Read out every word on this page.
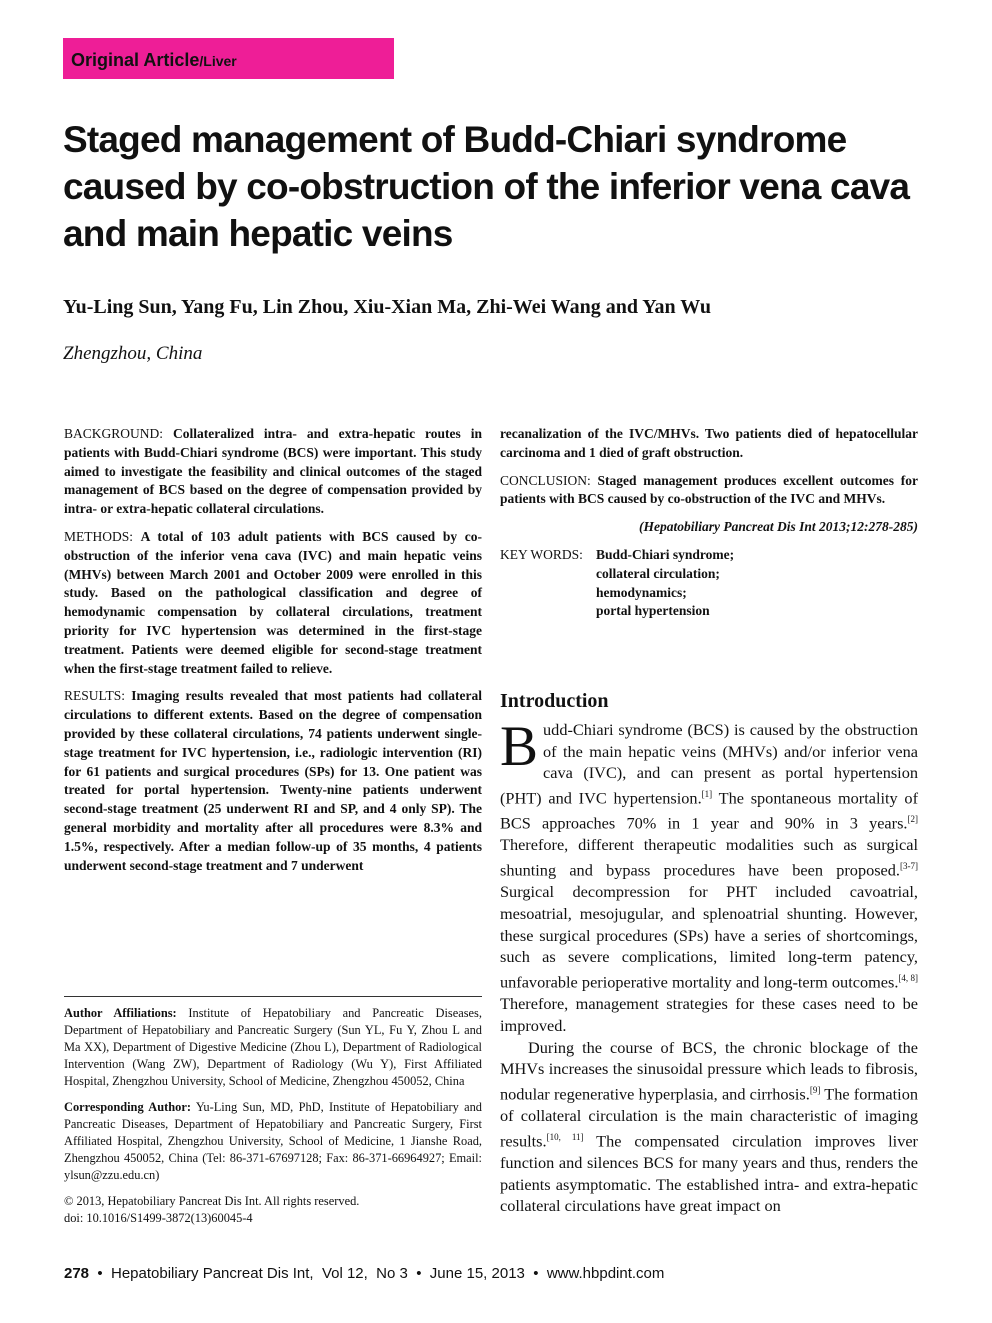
Original Article/Liver
Staged management of Budd-Chiari syndrome caused by co-obstruction of the inferior vena cava and main hepatic veins
Yu-Ling Sun, Yang Fu, Lin Zhou, Xiu-Xian Ma, Zhi-Wei Wang and Yan Wu
Zhengzhou, China

BACKGROUND: Collateralized intra- and extra-hepatic routes in patients with Budd-Chiari syndrome (BCS) were important. This study aimed to investigate the feasibility and clinical outcomes of the staged management of BCS based on the degree of compensation provided by intra- or extra-hepatic collateral circulations.

METHODS: A total of 103 adult patients with BCS caused by co-obstruction of the inferior vena cava (IVC) and main hepatic veins (MHVs) between March 2001 and October 2009 were enrolled in this study. Based on the pathological classification and degree of hemodynamic compensation by collateral circulations, treatment priority for IVC hypertension was determined in the first-stage treatment. Patients were deemed eligible for second-stage treatment when the first-stage treatment failed to relieve.

RESULTS: Imaging results revealed that most patients had collateral circulations to different extents. Based on the degree of compensation provided by these collateral circulations, 74 patients underwent single-stage treatment for IVC hypertension, i.e., radiologic intervention (RI) for 61 patients and surgical procedures (SPs) for 13. One patient was treated for portal hypertension. Twenty-nine patients underwent second-stage treatment (25 underwent RI and SP, and 4 only SP). The general morbidity and mortality after all procedures were 8.3% and 1.5%, respectively. After a median follow-up of 35 months, 4 patients underwent second-stage treatment and 7 underwent

recanalization of the IVC/MHVs. Two patients died of hepatocellular carcinoma and 1 died of graft obstruction.

CONCLUSION: Staged management produces excellent outcomes for patients with BCS caused by co-obstruction of the IVC and MHVs.

(Hepatobiliary Pancreat Dis Int 2013;12:278-285)

KEY WORDS: Budd-Chiari syndrome;
collateral circulation;
hemodynamics;
portal hypertension

Author Affiliations: Institute of Hepatobiliary and Pancreatic Diseases, Department of Hepatobiliary and Pancreatic Surgery (Sun YL, Fu Y, Zhou L and Ma XX), Department of Digestive Medicine (Zhou L), Department of Radiological Intervention (Wang ZW), Department of Radiology (Wu Y), First Affiliated Hospital, Zhengzhou University, School of Medicine, Zhengzhou 450052, China

Corresponding Author: Yu-Ling Sun, MD, PhD, Institute of Hepatobiliary and Pancreatic Diseases, Department of Hepatobiliary and Pancreatic Surgery, First Affiliated Hospital, Zhengzhou University, School of Medicine, 1 Jianshe Road, Zhengzhou 450052, China (Tel: 86-371-67697128; Fax: 86-371-66964927; Email: ylsun@zzu.edu.cn)

© 2013, Hepatobiliary Pancreat Dis Int. All rights reserved.
doi: 10.1016/S1499-3872(13)60045-4
Introduction

Budd-Chiari syndrome (BCS) is caused by the obstruction of the main hepatic veins (MHVs) and/or inferior vena cava (IVC), and can present as portal hypertension (PHT) and IVC hypertension.[1] The spontaneous mortality of BCS approaches 70% in 1 year and 90% in 3 years.[2] Therefore, different therapeutic modalities such as surgical shunting and bypass procedures have been proposed.[3-7] Surgical decompression for PHT included cavoatrial, mesoatrial, mesojugular, and splenoatrial shunting. However, these surgical procedures (SPs) have a series of shortcomings, such as severe complications, limited long-term patency, unfavorable perioperative mortality and long-term outcomes.[4, 8] Therefore, management strategies for these cases need to be improved.

During the course of BCS, the chronic blockage of the MHVs increases the sinusoidal pressure which leads to fibrosis, nodular regenerative hyperplasia, and cirrhosis.[9] The formation of collateral circulation is the main characteristic of imaging results.[10, 11] The compensated circulation improves liver function and silences BCS for many years and thus, renders the patients asymptomatic. The established intra- and extra-hepatic collateral circulations have great impact on

278 • Hepatobiliary Pancreat Dis Int, Vol 12, No 3 • June 15, 2013 • www.hbpdint.com
